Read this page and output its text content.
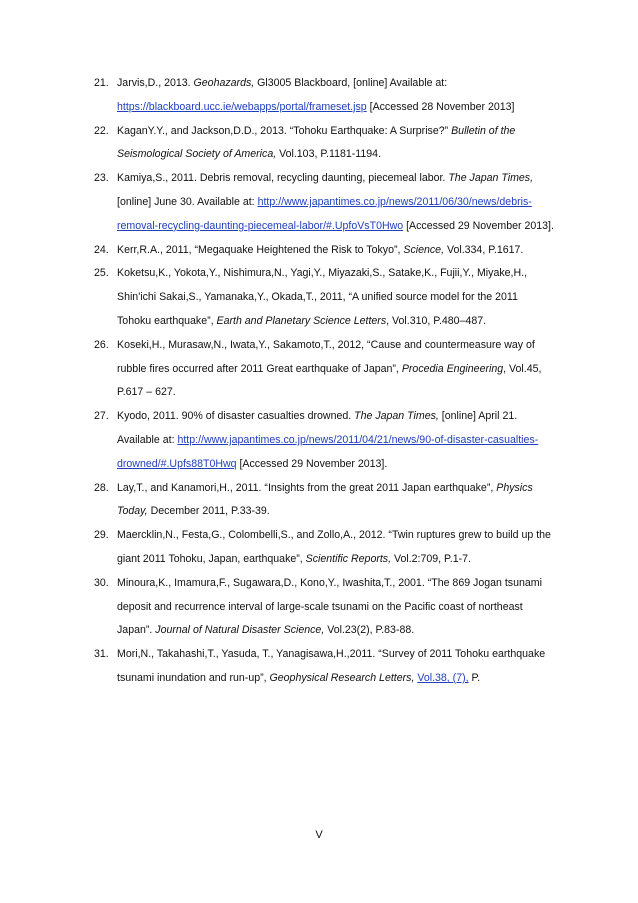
21. Jarvis,D., 2013. Geohazards, Gl3005 Blackboard, [online] Available at: https://blackboard.ucc.ie/webapps/portal/frameset.jsp [Accessed 28 November 2013]
22. KaganY.Y., and Jackson,D.D., 2013. “Tohoku Earthquake: A Surprise?” Bulletin of the Seismological Society of America, Vol.103, P.1181‐1194.
23. Kamiya,S., 2011. Debris removal, recycling daunting, piecemeal labor. The Japan Times, [online] June 30. Available at: http://www.japantimes.co.jp/news/2011/06/30/news/debris-removal-recycling-daunting-piecemeal-labor/#.UpfoVsT0Hwo [Accessed 29 November 2013].
24. Kerr,R.A., 2011, “Megaquake Heightened the Risk to Tokyo”, Science, Vol.334, P.1617.
25. Koketsu,K., Yokota,Y., Nishimura,N., Yagi,Y., Miyazaki,S., Satake,K., Fujii,Y., Miyake,H., Shin'ichi Sakai,S., Yamanaka,Y., Okada,T., 2011, “A unified source model for the 2011 Tohoku earthquake”, Earth and Planetary Science Letters, Vol.310, P.480–487.
26. Koseki,H., Murasaw,N., Iwata,Y., Sakamoto,T., 2012, “Cause and countermeasure way of rubble fires occurred after 2011 Great earthquake of Japan”, Procedia Engineering, Vol.45, P.617 – 627.
27. Kyodo, 2011. 90% of disaster casualties drowned. The Japan Times, [online] April 21. Available at: http://www.japantimes.co.jp/news/2011/04/21/news/90-of-disaster-casualties-drowned/#.Upfs88T0Hwq [Accessed 29 November 2013].
28. Lay,T., and Kanamori,H., 2011. “Insights from the great 2011 Japan earthquake”, Physics Today, December 2011, P.33-39.
29. Maercklin,N., Festa,G., Colombelli,S., and Zollo,A., 2012. “Twin ruptures grew to build up the giant 2011 Tohoku, Japan, earthquake”, Scientific Reports, Vol.2:709, P.1-7.
30. Minoura,K., Imamura,F., Sugawara,D., Kono,Y., Iwashita,T., 2001. “The 869 Jogan tsunami deposit and recurrence interval of large-scale tsunami on the Pacific coast of northeast Japan”. Journal of Natural Disaster Science, Vol.23(2), P.83-88.
31. Mori,N., Takahashi,T., Yasuda, T., Yanagisawa,H.,2011. “Survey of 2011 Tohoku earthquake tsunami inundation and run-up”, Geophysical Research Letters, Vol.38, (7), P.
V
